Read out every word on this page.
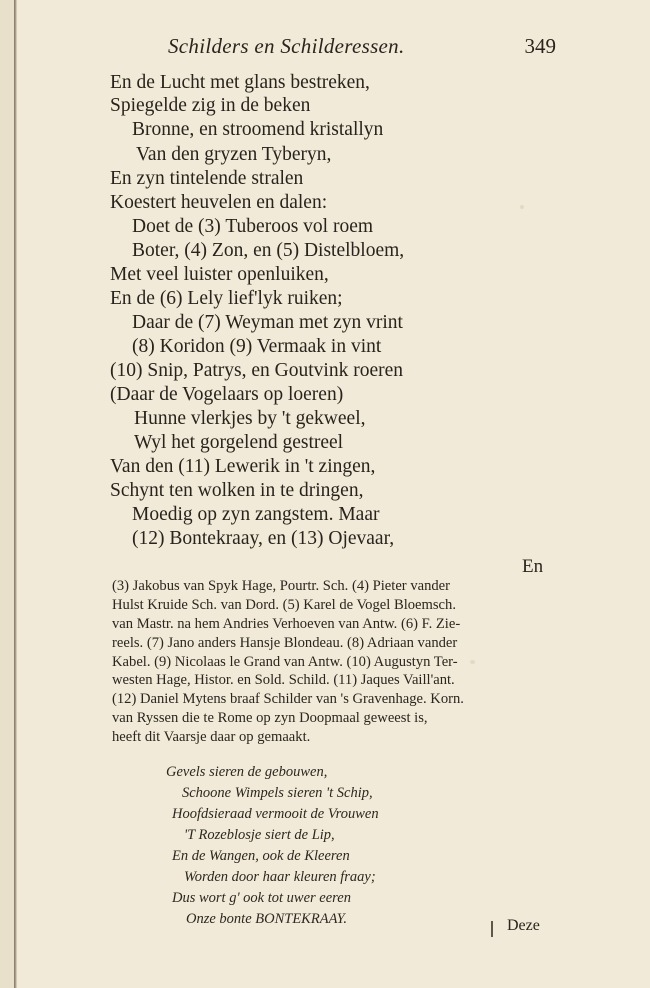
Schilders en Schilderessen.	349
En de Lucht met glans bestreken,
Spiegelde zig in de beken
Bronne, en stroomend kristallyn
Van den gryzen Tyberyn,
En zyn tintelende stralen
Koestert heuvelen en dalen:
Doet de (3) Tuberoos vol roem
Boter, (4) Zon, en (5) Distelbloem,
Met veel luister openluiken,
En de (6) Lely lief'lyk ruiken;
Daar de (7) Weyman met zyn vrint
(8) Koridon (9) Vermaak in vint
(10) Snip, Patrys, en Goutvink roeren
(Daar de Vogelaars op loeren)
Hunne vlerkjes by 't gekweel,
Wyl het gorgelend gestreel
Van den (11) Lewerik in 't zingen,
Schynt ten wolken in te dringen,
Moedig op zyn zangstem. Maar
(12) Bontekraay, en (13) Ojevaar,
En
(3) Jakobus van Spyk Hage, Pourtr. Sch. (4) Pieter vander
Hulst Kruide Sch. van Dord. (5) Karel de Vogel Bloemsch.
van Mastr. na hem Andries Verhoeven van Antw. (6) F. Zie-
reels. (7) Jano anders Hansje Blondeau. (8) Adriaan vander
Kabel. (9) Nicolaas le Grand van Antw. (10) Augustyn Ter-
westen Hage, Histor. en Sold. Schild. (11) Jaques Vaill'ant.
(12) Daniel Mytens braaf Schilder van 's Gravenhage. Korn.
van Ryssen die te Rome op zyn Doopmaal geweest is,
heeft dit Vaarsje daar op gemaakt.
Gevels sieren de gebouwen,
Schoone Wimpels sieren 't Schip,
Hoofdsieraad vermooit de Vrouwen
'T Rozeblosje siert de Lip,
En de Wangen, ook de Kleeren
Worden door haar kleuren fraay;
Dus wort g' ook tot uwer eeren
Onze bonte BONTEKRAAY.	Deze
